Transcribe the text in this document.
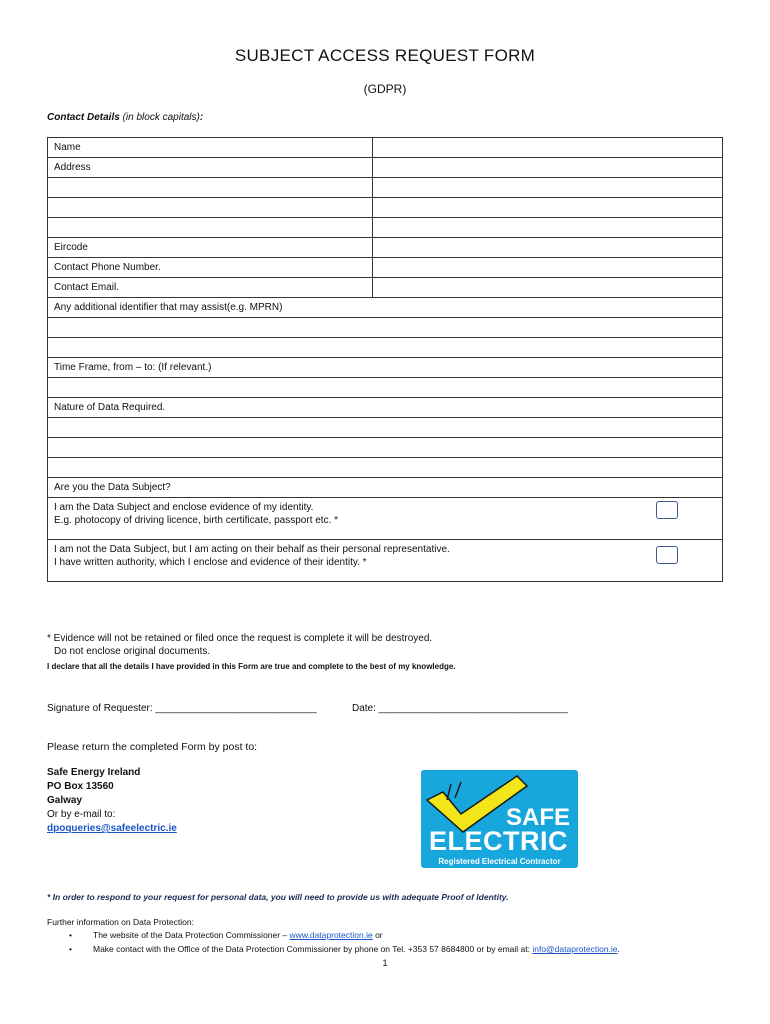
SUBJECT ACCESS REQUEST FORM
(GDPR)
Contact Details (in block capitals):
Name	
Address	

Eircode	
Contact Phone Number.	
Contact Email.	
Any additional identifier that may assist(e.g. MPRN)	

Time Frame, from – to: (If relevant.)	

Nature of Data Required.	

Are you the Data Subject?	

I am the Data Subject and enclose evidence of my identity.
E.g. photocopy of driving licence, birth certificate, passport etc. *	

I am not the Data Subject, but I am acting on their behalf as their personal representative.
I have written authority, which I enclose and evidence of their identity. *	
* Evidence will not be retained or filed once the request is complete it will be destroyed.
Do not enclose original documents.
I declare that all the details I have provided in this Form are true and complete to the best of my knowledge.
Signature of Requester: _____________________________	Date: __________________________________
Please return the completed Form by post to:
Safe Energy Ireland
PO Box 13560
Galway
Or by e-mail to:
dpoqueries@safeelectric.ie	SAFE
ELECTRIC
Registered Electrical Contractor
* In order to respond to your request for personal data, you will need to provide us with adequate Proof of Identity.
Further information on Data Protection:
• The website of the Data Protection Commissioner – www.dataprotection.ie or
• Make contact with the Office of the Data Protection Commissioner by phone on Tel. +353 57 8684800 or by email at: info@dataprotection.ie.
1
